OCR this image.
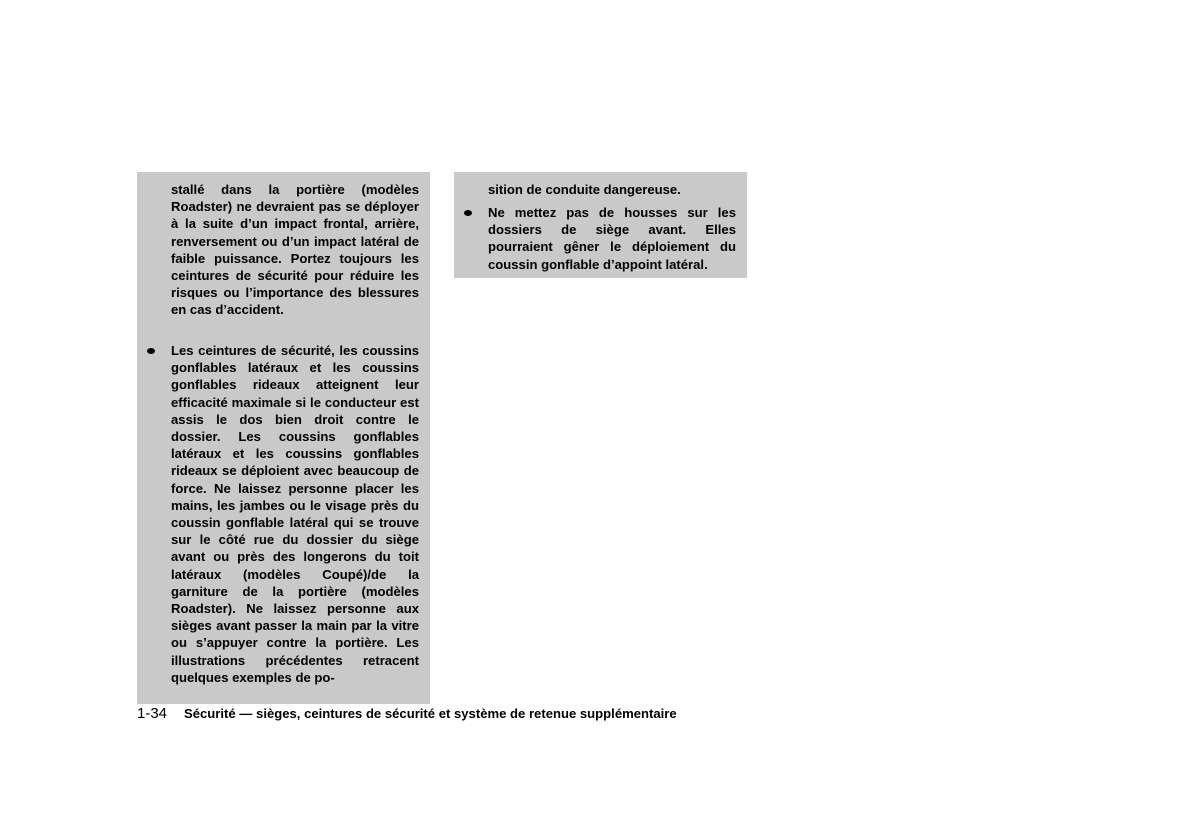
stallé dans la portière (modèles Roadster) ne devraient pas se déployer à la suite d’un impact frontal, arrière, renversement ou d’un impact latéral de faible puissance. Portez toujours les ceintures de sécurité pour réduire les risques ou l’importance des blessures en cas d’accident.

Les ceintures de sécurité, les coussins gonflables latéraux et les coussins gonflables rideaux atteignent leur efficacité maximale si le conducteur est assis le dos bien droit contre le dossier. Les coussins gonflables latéraux et les coussins gonflables rideaux se déploient avec beaucoup de force. Ne laissez personne placer les mains, les jambes ou le visage près du coussin gonflable latéral qui se trouve sur le côté rue du dossier du siège avant ou près des longerons du toit latéraux (modèles Coupé)/de la garniture de la portière (modèles Roadster). Ne laissez personne aux sièges avant passer la main par la vitre ou s’appuyer contre la portière. Les illustrations précédentes retracent quelques exemples de po-

sition de conduite dangereuse.

Ne mettez pas de housses sur les dossiers de siège avant. Elles pourraient gêner le déploiement du coussin gonflable d’appoint latéral.

1-34 Sécurité — sièges, ceintures de sécurité et système de retenue supplémentaire
